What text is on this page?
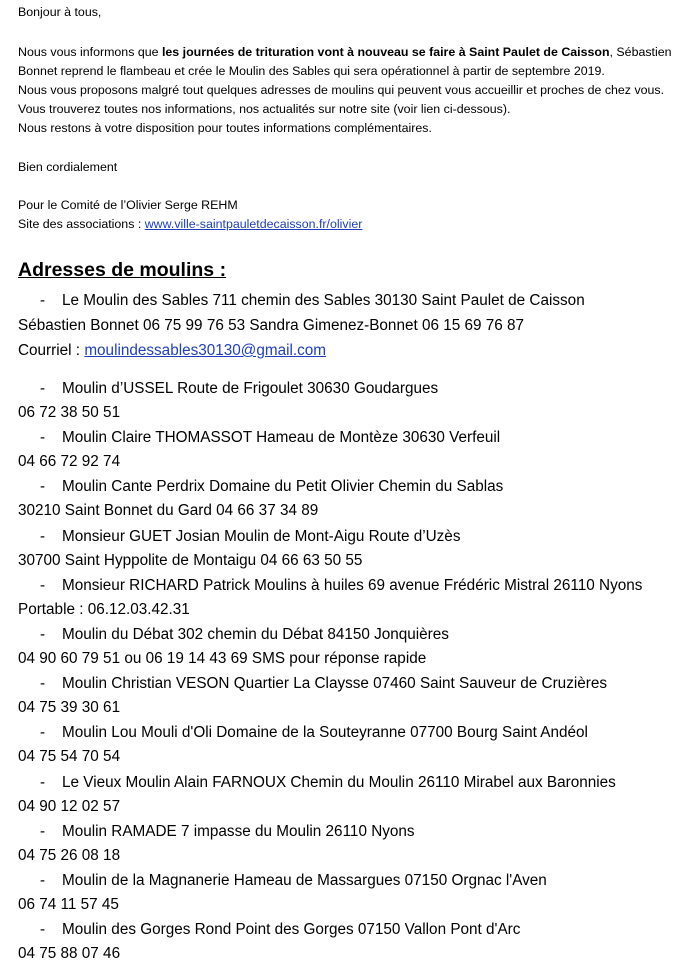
Bonjour à tous,
Nous vous informons que les journées de trituration vont à nouveau se faire à Saint Paulet de Caisson, Sébastien
Bonnet reprend le flambeau et crée le Moulin des Sables qui sera opérationnel à partir de septembre 2019.
Nous vous proposons malgré tout quelques adresses de moulins qui peuvent vous accueillir et proches de chez vous.
Vous trouverez toutes nos informations, nos actualités sur notre site (voir lien ci-dessous).
Nous restons à votre disposition pour toutes informations complémentaires.
Bien cordialement
Pour le Comité de l’Olivier Serge REHM
Site des associations : www.ville-saintpauletdecaisson.fr/olivier
Adresses de moulins :
- Le Moulin des Sables 711 chemin des Sables 30130 Saint Paulet de Caisson
Sébastien Bonnet 06 75 99 76 53 Sandra Gimenez-Bonnet 06 15 69 76 87
Courriel : moulindessables30130@gmail.com
- Moulin d’USSEL Route de Frigoulet 30630 Goudargues
06 72 38 50 51
- Moulin Claire THOMASSOT Hameau de Montèze 30630 Verfeuil
04 66 72 92 74
- Moulin Cante Perdrix Domaine du Petit Olivier Chemin du Sablas
30210 Saint Bonnet du Gard 04 66 37 34 89
- Monsieur GUET Josian Moulin de Mont-Aigu Route d’Uzès
30700 Saint Hyppolite de Montaigu 04 66 63 50 55
- Monsieur RICHARD Patrick Moulins à huiles 69 avenue Frédéric Mistral 26110 Nyons
Portable : 06.12.03.42.31
- Moulin du Débat 302 chemin du Débat 84150 Jonquières
04 90 60 79 51 ou 06 19 14 43 69 SMS pour réponse rapide
- Moulin Christian VESON Quartier La Claysse 07460 Saint Sauveur de Cruzières
04 75 39 30 61
- Moulin Lou Mouli d'Oli Domaine de la Souteyranne 07700 Bourg Saint Andéol
04 75 54 70 54
- Le Vieux Moulin Alain FARNOUX Chemin du Moulin 26110 Mirabel aux Baronnies
04 90 12 02 57
- Moulin RAMADE 7 impasse du Moulin 26110 Nyons
04 75 26 08 18
- Moulin de la Magnanerie Hameau de Massargues 07150 Orgnac l'Aven
06 74 11 57 45
- Moulin des Gorges Rond Point des Gorges 07150 Vallon Pont d'Arc
04 75 88 07 46
